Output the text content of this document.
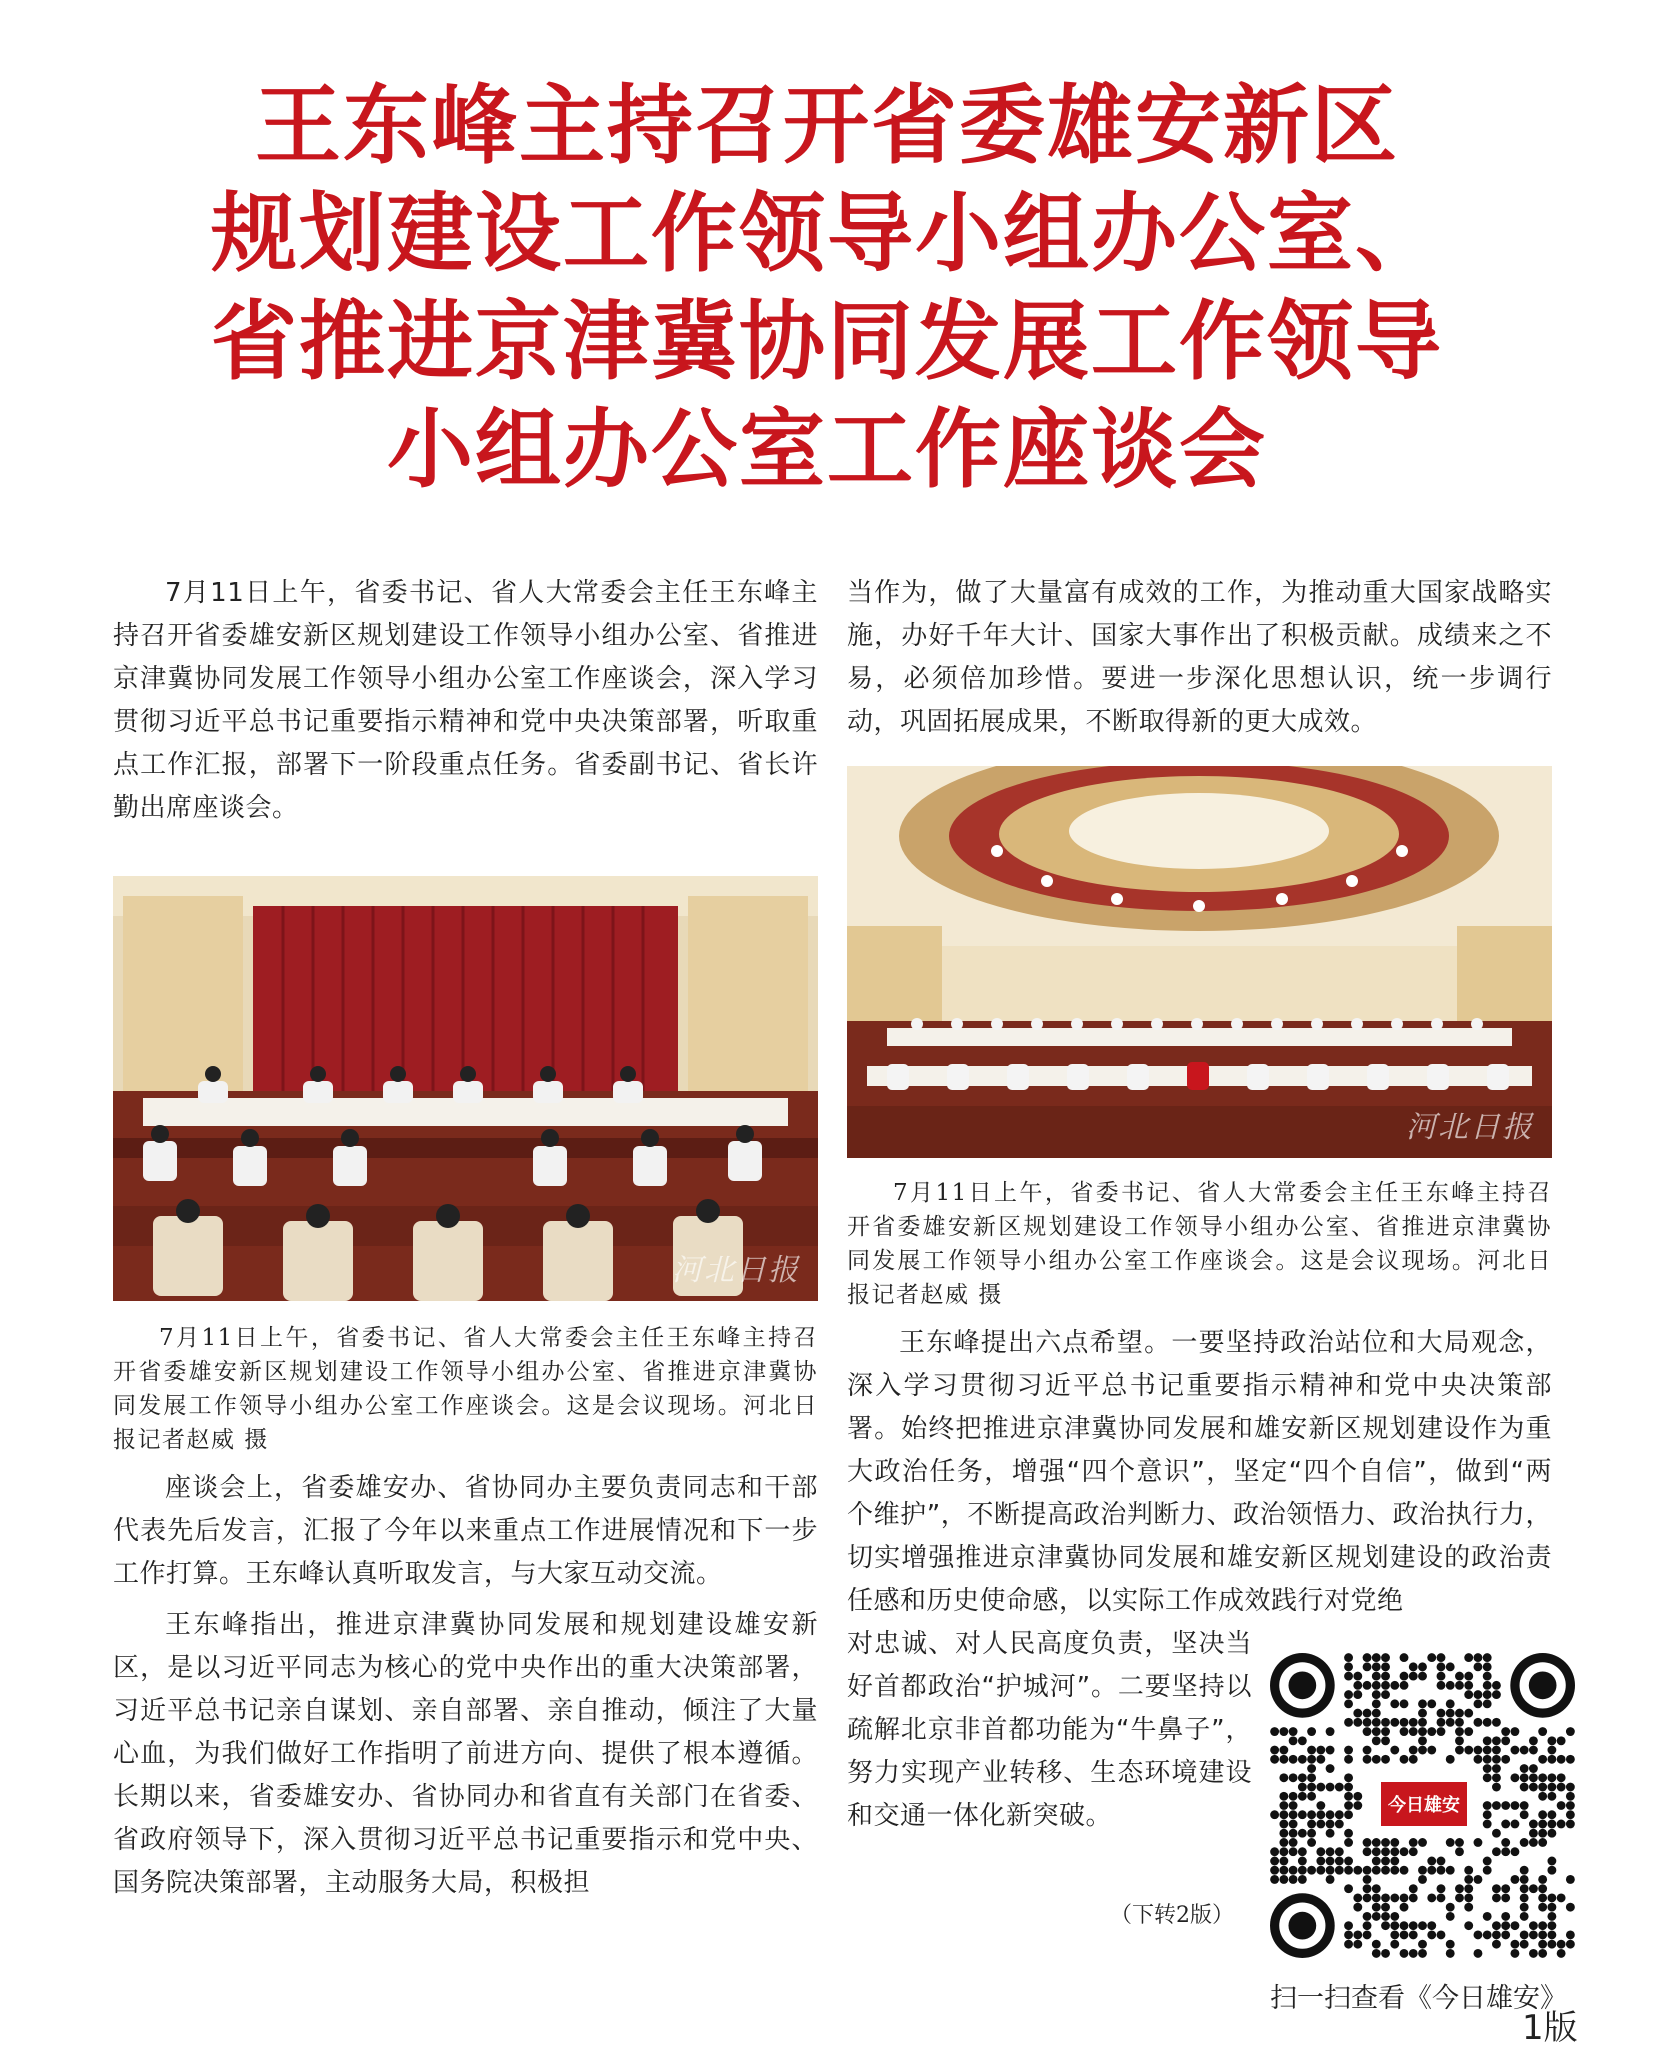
王东峰主持召开省委雄安新区
规划建设工作领导小组办公室、
省推进京津冀协同发展工作领导
小组办公室工作座谈会

7月11日上午，省委书记、省人大常委会主任王东峰主持召开省委雄安新区规划建设工作领导小组办公室、省推进京津冀协同发展工作领导小组办公室工作座谈会，深入学习贯彻习近平总书记重要指示精神和党中央决策部署，听取重点工作汇报，部署下一阶段重点任务。省委副书记、省长许勤出席座谈会。

河北日报

7月11日上午，省委书记、省人大常委会主任王东峰主持召开省委雄安新区规划建设工作领导小组办公室、省推进京津冀协同发展工作领导小组办公室工作座谈会。这是会议现场。河北日报记者赵威 摄

座谈会上，省委雄安办、省协同办主要负责同志和干部代表先后发言，汇报了今年以来重点工作进展情况和下一步工作打算。王东峰认真听取发言，与大家互动交流。

王东峰指出，推进京津冀协同发展和规划建设雄安新区，是以习近平同志为核心的党中央作出的重大决策部署，习近平总书记亲自谋划、亲自部署、亲自推动，倾注了大量心血，为我们做好工作指明了前进方向、提供了根本遵循。长期以来，省委雄安办、省协同办和省直有关部门在省委、省政府领导下，深入贯彻习近平总书记重要指示和党中央、国务院决策部署，主动服务大局，积极担

当作为，做了大量富有成效的工作，为推动重大国家战略实施，办好千年大计、国家大事作出了积极贡献。成绩来之不易，必须倍加珍惜。要进一步深化思想认识，统一步调行动，巩固拓展成果，不断取得新的更大成效。

河北日报

7月11日上午，省委书记、省人大常委会主任王东峰主持召开省委雄安新区规划建设工作领导小组办公室、省推进京津冀协同发展工作领导小组办公室工作座谈会。这是会议现场。河北日报记者赵威 摄

王东峰提出六点希望。一要坚持政治站位和大局观念，深入学习贯彻习近平总书记重要指示精神和党中央决策部署。始终把推进京津冀协同发展和雄安新区规划建设作为重大政治任务，增强“四个意识”，坚定“四个自信”，做到“两个维护”，不断提高政治判断力、政治领悟力、政治执行力，切实增强推进京津冀协同发展和雄安新区规划建设的政治责任感和历史使命感，以实际工作成效践行对党绝

对忠诚、对人民高度负责，坚决当好首都政治“护城河”。二要坚持以疏解北京非首都功能为“牛鼻子”，努力实现产业转移、生态环境建设和交通一体化新突破。

（下转2版）
今日雄安
扫一扫查看《今日雄安》
1版
